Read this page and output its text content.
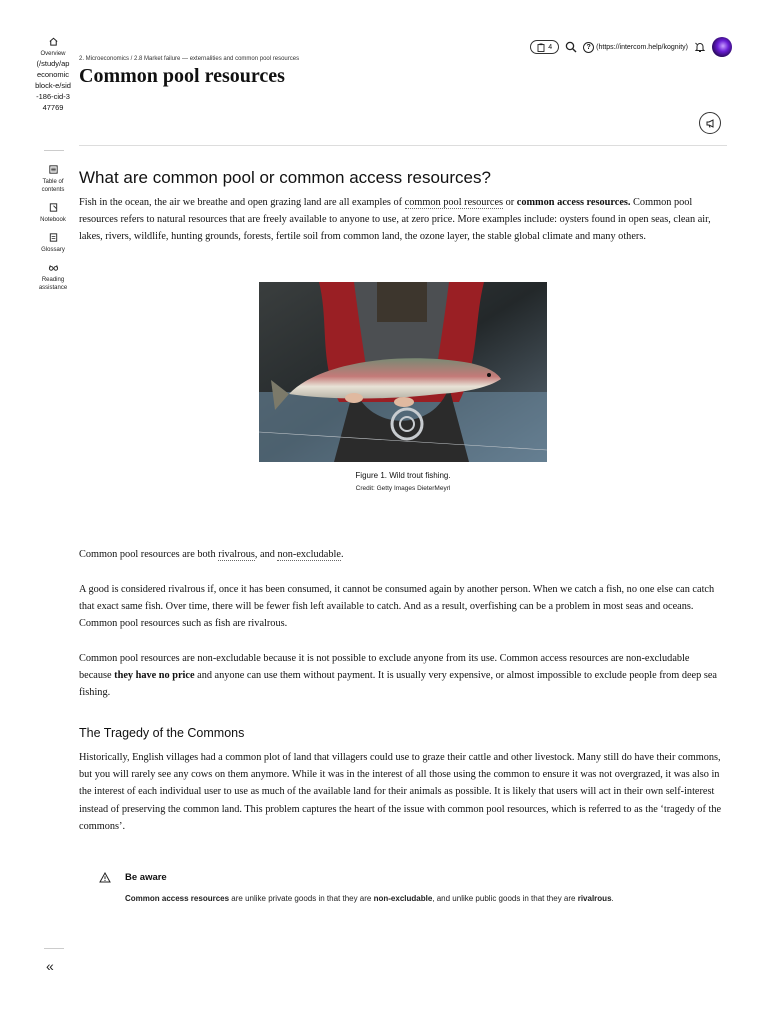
Overview
(/study/ap economic block-e/sid-186-cid-347769
Table of contents
Notebook
Glossary
Reading assistance
«
4	? (https://intercom.help/kognity)
2. Microeconomics / 2.8 Market failure — externalities and common pool resources
Common pool resources
What are common pool or common access resources?

Fish in the ocean, the air we breathe and open grazing land are all examples of common pool resources or common access resources. Common pool resources refers to natural resources that are freely available to anyone to use, at zero price. More examples include: oysters found in open seas, clean air, lakes, rivers, wildlife, hunting grounds, forests, fertile soil from common land, the ozone layer, the stable global climate and many others.

Figure 1. Wild trout fishing.
Credit: Getty Images DieterMeyrl

Common pool resources are both rivalrous, and non-excludable.

A good is considered rivalrous if, once it has been consumed, it cannot be consumed again by another person. When we catch a fish, no one else can catch that exact same fish. Over time, there will be fewer fish left available to catch. And as a result, overfishing can be a problem in most seas and oceans. Common pool resources such as fish are rivalrous.

Common pool resources are non-excludable because it is not possible to exclude anyone from its use. Common access resources are non-excludable because they have no price and anyone can use them without payment. It is usually very expensive, or almost impossible to exclude people from deep sea fishing.

The Tragedy of the Commons

Historically, English villages had a common plot of land that villagers could use to graze their cattle and other livestock. Many still do have their commons, but you will rarely see any cows on them anymore. While it was in the interest of all those using the common to ensure it was not overgrazed, it was also in the interest of each individual user to use as much of the available land for their animals as possible. It is likely that users will act in their own self-interest instead of preserving the common land. This problem captures the heart of the issue with common pool resources, which is referred to as the ‘tragedy of the commons’.

Be aware
Common access resources are unlike private goods in that they are non-excludable, and unlike public goods in that they are rivalrous.
